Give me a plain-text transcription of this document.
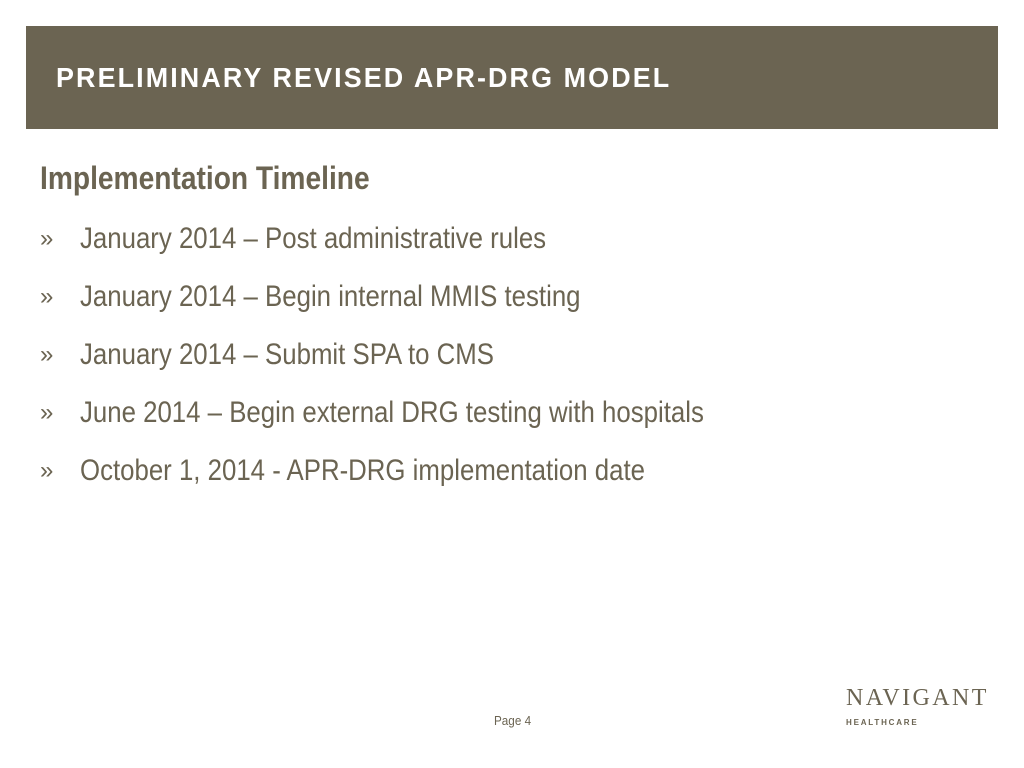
PRELIMINARY REVISED APR-DRG MODEL
Implementation Timeline
» January 2014 – Post administrative rules
» January 2014 – Begin internal MMIS testing
» January 2014 – Submit SPA to CMS
» June 2014 – Begin external DRG testing with hospitals
» October 1, 2014 - APR-DRG implementation date
Page 4
NAVIGANT
HEALTHCARE
